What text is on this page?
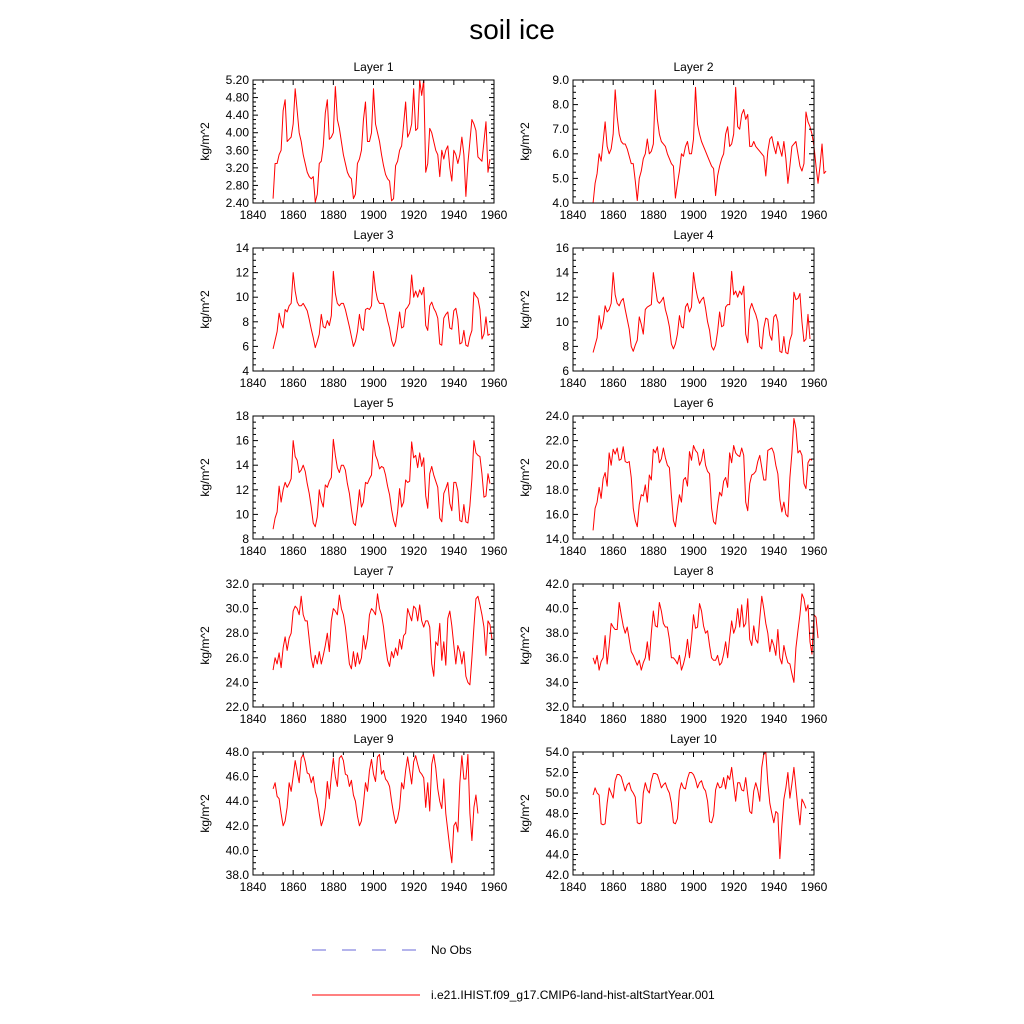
soil ice
1840 1860 1880 1900 1920 1940 1960
2.40
2.80
3.20
3.60
4.00
4.40
4.80
5.20
Layer 1
kg/m^2
1840 1860 1880 1900 1920 1940 1960
4.0
5.0
6.0
7.0
8.0
9.0
Layer 2
kg/m^2
1840 1860 1880 1900 1920 1940 1960
4
6
8
10
12
14
Layer 3
kg/m^2
1840 1860 1880 1900 1920 1940 1960
6
8
10
12
14
16
Layer 4
kg/m^2
1840 1860 1880 1900 1920 1940 1960
8
10
12
14
16
18
Layer 5
kg/m^2
1840 1860 1880 1900 1920 1940 1960
14.0
16.0
18.0
20.0
22.0
24.0
Layer 6
kg/m^2
1840 1860 1880 1900 1920 1940 1960
22.0
24.0
26.0
28.0
30.0
32.0
Layer 7
kg/m^2
1840 1860 1880 1900 1920 1940 1960
32.0
34.0
36.0
38.0
40.0
42.0
Layer 8
kg/m^2
1840 1860 1880 1900 1920 1940 1960
38.0
40.0
42.0
44.0
46.0
48.0
Layer 9
kg/m^2
1840 1860 1880 1900 1920 1940 1960
42.0
44.0
46.0
48.0
50.0
52.0
54.0
Layer 10
kg/m^2
No Obs
i.e21.IHIST.f09_g17.CMIP6-land-hist-altStartYear.001
